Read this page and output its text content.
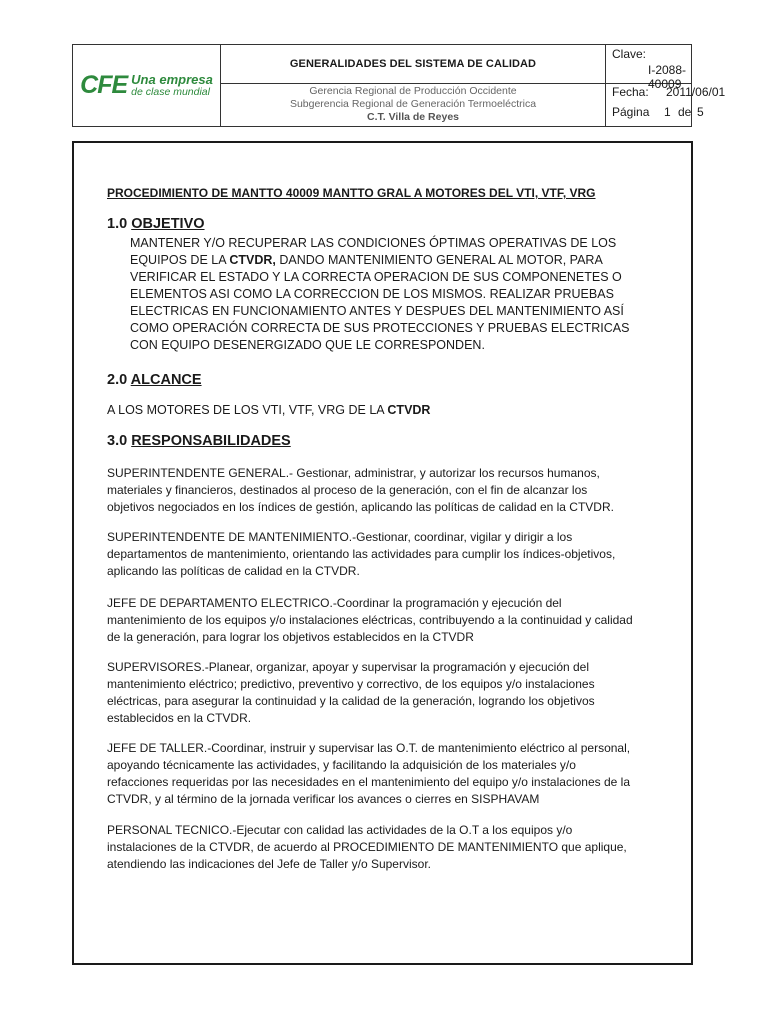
CFE Una empresa
de clase mundial
GENERALIDADES DEL SISTEMA DE CALIDAD
Gerencia Regional de Producción Occidente
Subgerencia Regional de Generación Termoeléctrica
C.T. Villa de Reyes
Clave:
I-2088-40009
Fecha: 2011/06/01
Página 1 de 5
PROCEDIMIENTO DE MANTTO 40009 MANTTO GRAL A MOTORES DEL VTI, VTF, VRG
1.0 OBJETIVO
MANTENER Y/O RECUPERAR LAS CONDICIONES ÓPTIMAS OPERATIVAS DE LOS
EQUIPOS DE LA CTVDR, DANDO MANTENIMIENTO GENERAL AL MOTOR, PARA
VERIFICAR EL ESTADO Y LA CORRECTA OPERACION DE SUS COMPONENETES O
ELEMENTOS ASI COMO LA CORRECCION DE LOS MISMOS. REALIZAR PRUEBAS
ELECTRICAS EN FUNCIONAMIENTO ANTES Y DESPUES DEL MANTENIMIENTO ASÍ
COMO OPERACIÓN CORRECTA DE SUS PROTECCIONES Y PRUEBAS ELECTRICAS
CON EQUIPO DESENERGIZADO QUE LE CORRESPONDEN.
2.0 ALCANCE
A LOS MOTORES DE LOS VTI, VTF, VRG DE LA CTVDR
3.0 RESPONSABILIDADES
SUPERINTENDENTE GENERAL.- Gestionar, administrar, y autorizar los recursos humanos,
materiales y financieros, destinados al proceso de la generación, con el fin de alcanzar los
objetivos negociados en los índices de gestión, aplicando las políticas de calidad en la CTVDR.
SUPERINTENDENTE DE MANTENIMIENTO.-Gestionar, coordinar, vigilar y dirigir a los
departamentos de mantenimiento, orientando las actividades para cumplir los índices-objetivos,
aplicando las políticas de calidad en la CTVDR.
JEFE DE DEPARTAMENTO ELECTRICO.-Coordinar la programación y ejecución del
mantenimiento de los equipos y/o instalaciones eléctricas, contribuyendo a la continuidad y calidad
de la generación, para lograr los objetivos establecidos en la CTVDR
SUPERVISORES.-Planear, organizar, apoyar y supervisar la programación y ejecución del
mantenimiento eléctrico; predictivo, preventivo y correctivo, de los equipos y/o instalaciones
eléctricas, para asegurar la continuidad y la calidad de la generación, logrando los objetivos
establecidos en la CTVDR.
JEFE DE TALLER.-Coordinar, instruir y supervisar las O.T. de mantenimiento eléctrico al personal,
apoyando técnicamente las actividades, y facilitando la adquisición de los materiales y/o
refacciones requeridas por las necesidades en el mantenimiento del equipo y/o instalaciones de la
CTVDR, y al término de la jornada verificar los avances o cierres en SISPHAVAM
PERSONAL TECNICO.-Ejecutar con calidad las actividades de la O.T a los equipos y/o
instalaciones de la CTVDR, de acuerdo al PROCEDIMIENTO DE MANTENIMIENTO que aplique,
atendiendo las indicaciones del Jefe de Taller y/o Supervisor.
